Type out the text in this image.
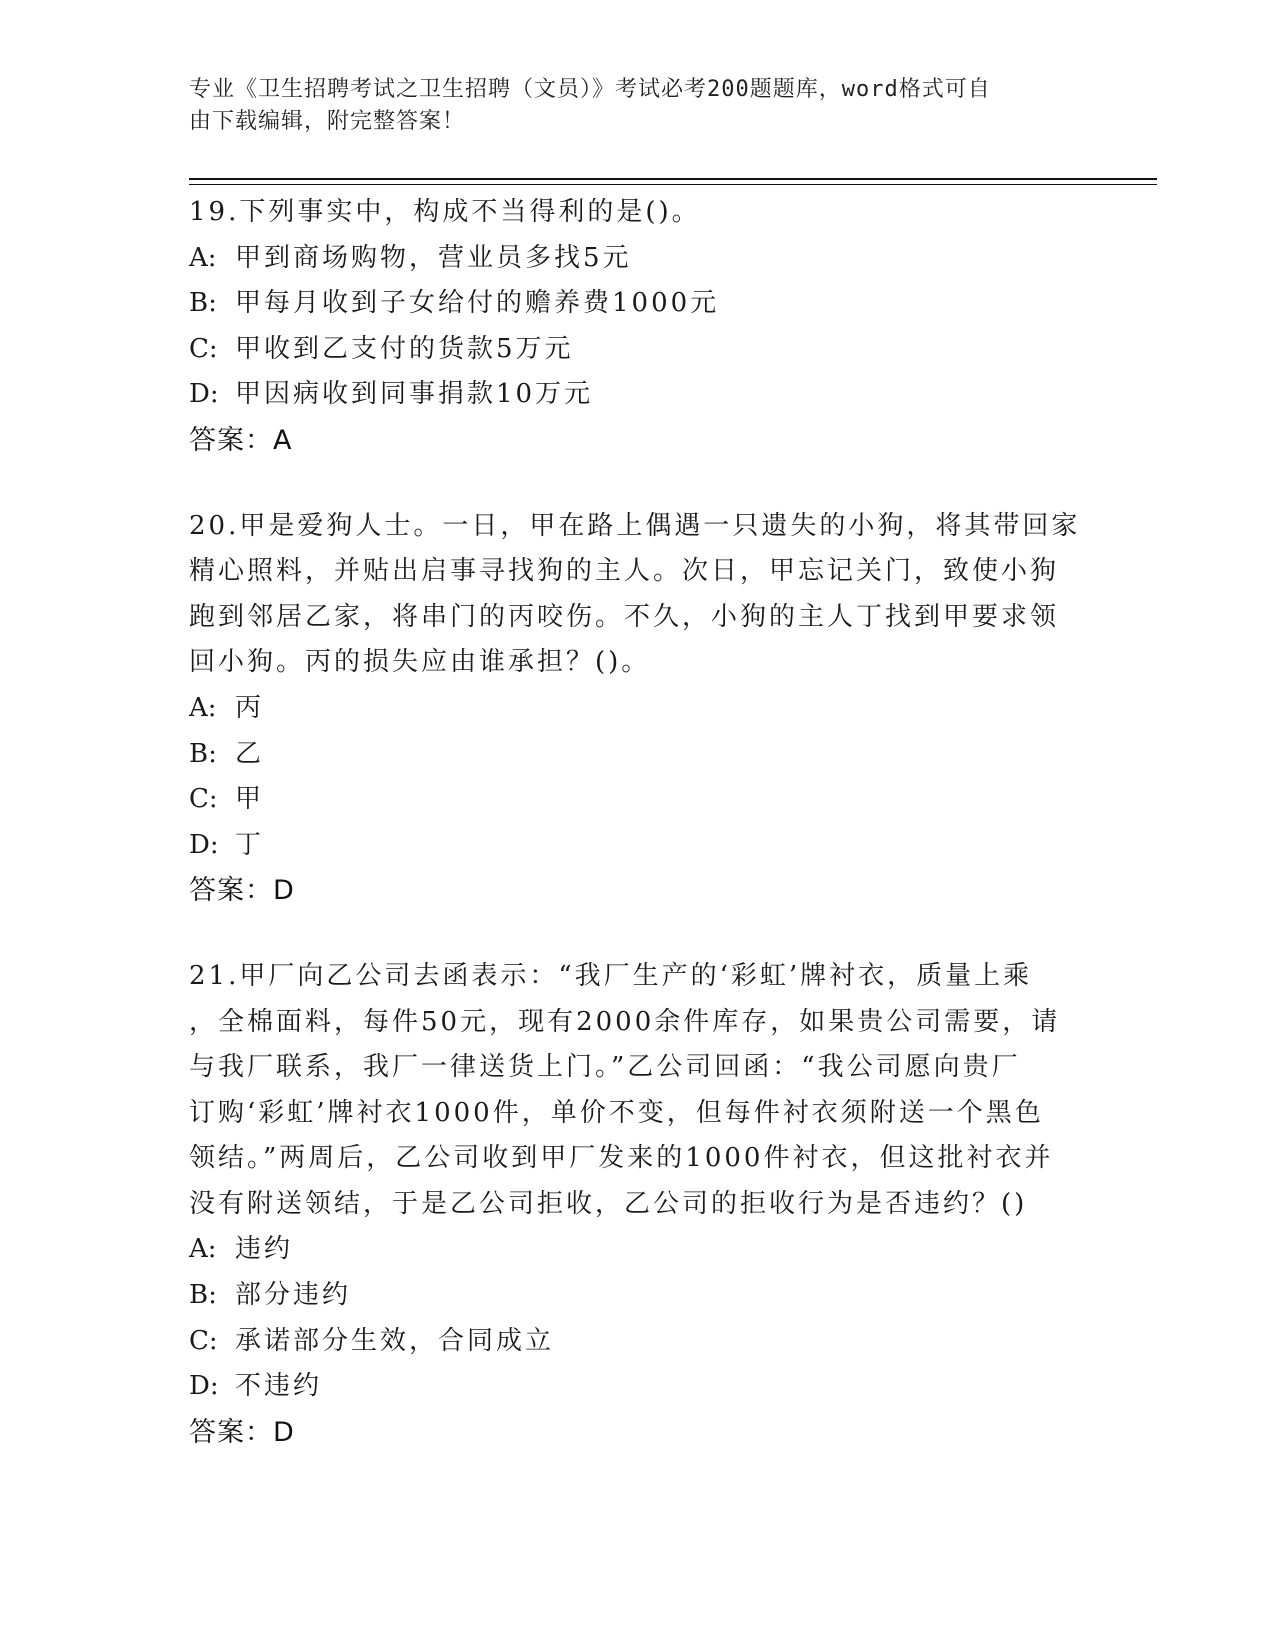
专业《卫生招聘考试之卫生招聘（文员）》考试必考200题题库，word格式可自
由下载编辑，附完整答案！
19.下列事实中，构成不当得利的是()。
A: 甲到商场购物，营业员多找5元
B: 甲每月收到子女给付的赡养费1000元
C: 甲收到乙支付的货款5万元
D: 甲因病收到同事捐款10万元
答案：A
20.甲是爱狗人士。一日，甲在路上偶遇一只遗失的小狗，将其带回家
精心照料，并贴出启事寻找狗的主人。次日，甲忘记关门，致使小狗
跑到邻居乙家，将串门的丙咬伤。不久，小狗的主人丁找到甲要求领
回小狗。丙的损失应由谁承担？()。
A: 丙
B: 乙
C: 甲
D: 丁
答案：D
21.甲厂向乙公司去函表示：“我厂生产的‘彩虹’牌衬衣，质量上乘
，全棉面料，每件50元，现有2000余件库存，如果贵公司需要，请
与我厂联系，我厂一律送货上门。”乙公司回函：“我公司愿向贵厂
订购‘彩虹’牌衬衣1000件，单价不变，但每件衬衣须附送一个黑色
领结。”两周后，乙公司收到甲厂发来的1000件衬衣，但这批衬衣并
没有附送领结，于是乙公司拒收，乙公司的拒收行为是否违约？()
A: 违约
B: 部分违约
C: 承诺部分生效，合同成立
D: 不违约
答案：D
